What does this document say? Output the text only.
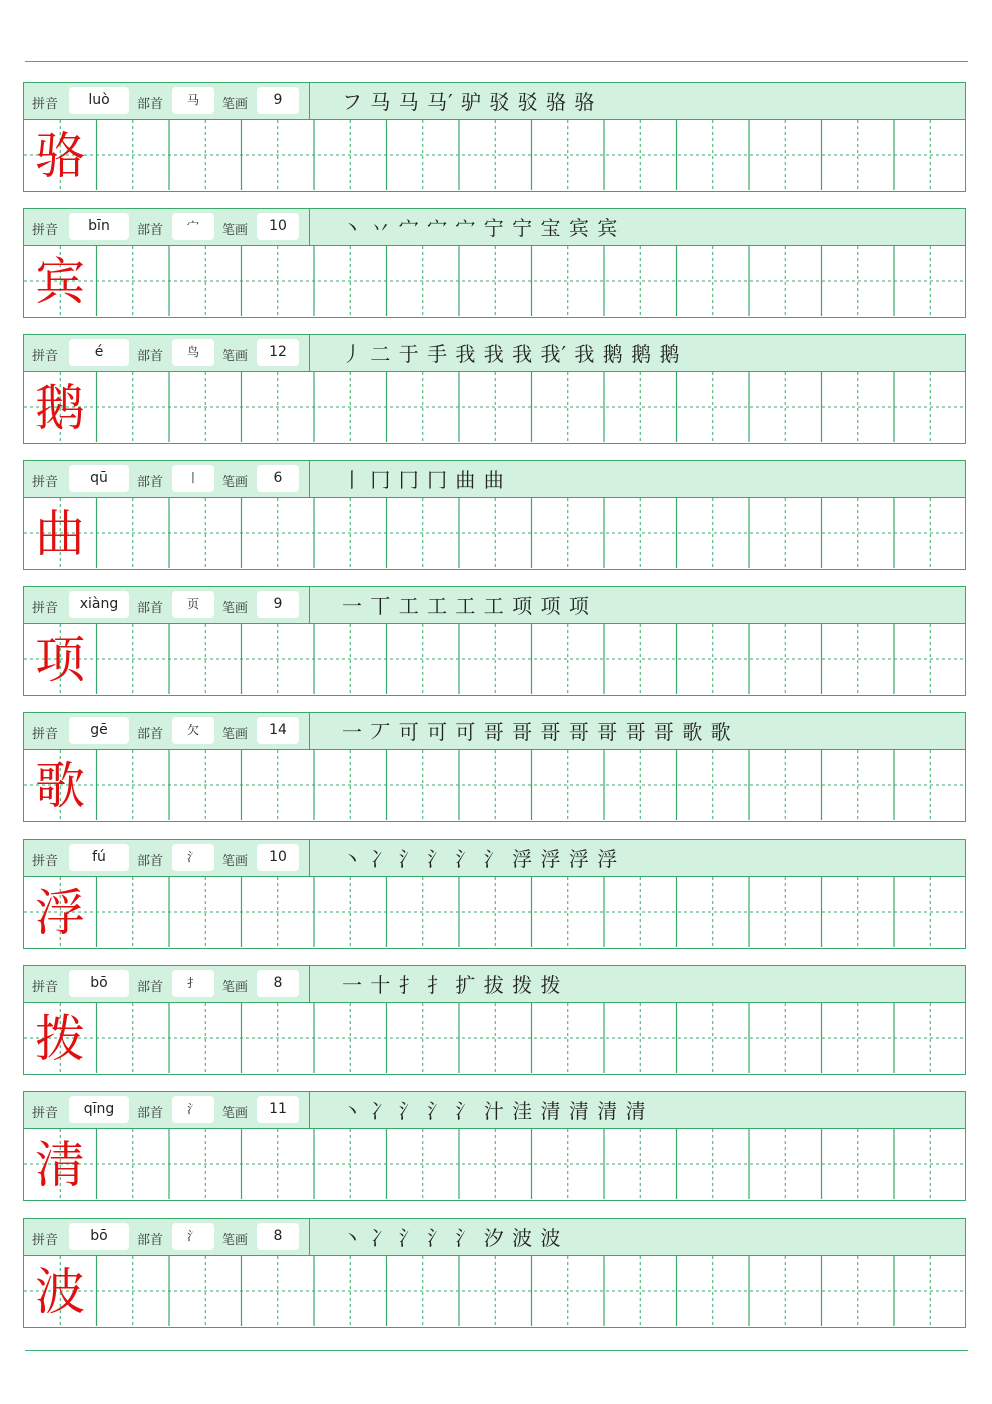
拼音	luò	部首	马	笔画	9	フ 马 马 马′ 驴 驳 驳 骆 骆
骆
拼音	bīn	部首	宀	笔画	10	丶 丷 宀 宀 宀 宁 宁 宝 宾 宾
宾
拼音	é	部首	鸟	笔画	12	丿 二 于 手 我 我 我 我′ 我 鹅 鹅 鹅
鹅
拼音	qū	部首	丨	笔画	6	丨 冂 冂 冂 曲 曲
曲
拼音	xiàng	部首	页	笔画	9	一 丅 工 工 工 工 项 项 项
项
拼音	gē	部首	欠	笔画	14	一 丆 可 可 可 哥 哥 哥 哥 哥 哥 哥 歌 歌
歌
拼音	fú	部首	氵	笔画	10	丶 冫 氵 氵 氵 氵 浮 浮 浮 浮
浮
拼音	bō	部首	扌	笔画	8	一 十 扌 扌 扩 拔 拨 拨
拨
拼音	qīng	部首	氵	笔画	11	丶 冫 氵 氵 氵 汁 洼 清 清 清 清
清
拼音	bō	部首	氵	笔画	8	丶 冫 氵 氵 氵 汐 波 波
波
